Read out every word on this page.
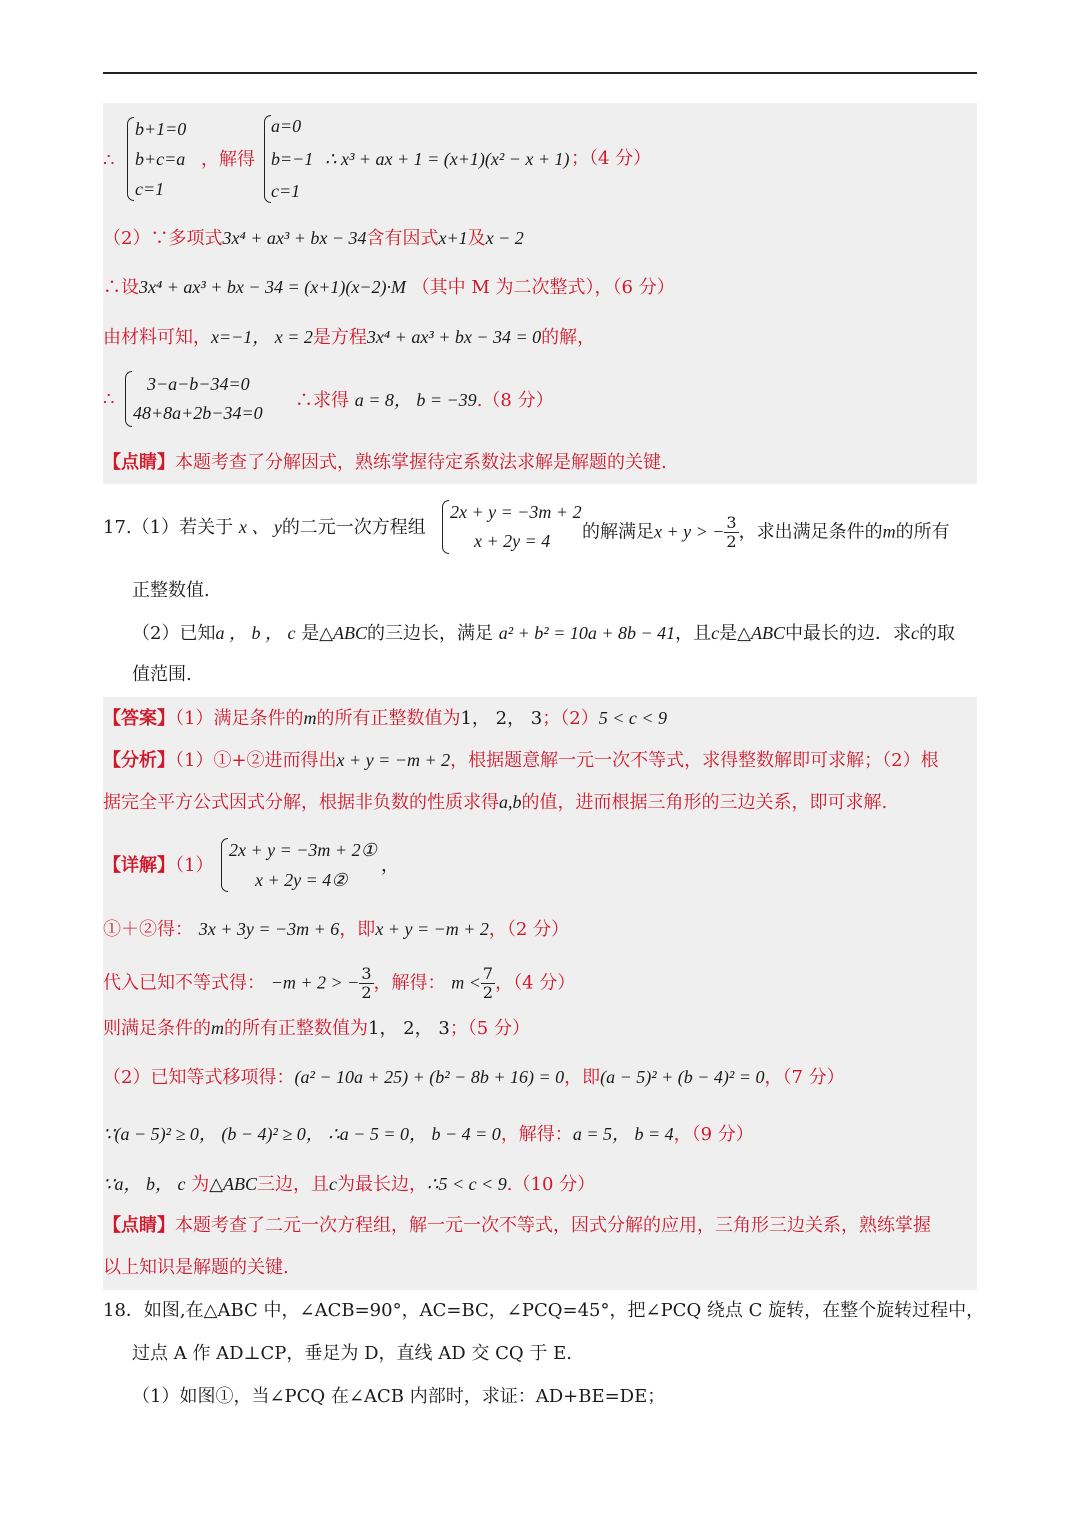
∴
b+1=0
b+c=a
c=1
，解得
a=0
b=−1
c=1
∴ x³ + ax + 1 = (x+1)(x² − x + 1) ；（4 分）
（2）∵多项式3x⁴ + ax³ + bx − 34含有因式x+1及x − 2
∴设3x⁴ + ax³ + bx − 34 = (x+1)(x−2)·M （其中 M 为二次整式），（6 分）
由材料可知，x=−1， x = 2是方程3x⁴ + ax³ + bx − 34 = 0的解，
∴
3−a−b−34=0
48+8a+2b−34=0
∴求得 a = 8， b = −39.（8 分）
【点睛】本题考查了分解因式，熟练掌握待定系数法求解是解题的关键.
17.（1）若关于 x 、 y的二元一次方程组
2x + y = −3m + 2
x + 2y = 4 的解满足x + y > − $\frac{3}{2}$ ，求出满足条件的m的所有
正整数值.
（2）已知a ， b ， c 是△ABC的三边长，满足 a² + b² = 10a + 8b − 41，且c是△ABC中最长的边．求c的取
值范围.
【答案】（1）满足条件的m的所有正整数值为1， 2， 3；（2）5 < c < 9
【分析】（1）①+②进而得出x + y = −m + 2，根据题意解一元一次不等式，求得整数解即可求解；（2）根
据完全平方公式因式分解，根据非负数的性质求得a,b的值，进而根据三角形的三边关系，即可求解.
【详解】（1）
2x + y = −3m + 2①
x + 2y = 4②
，
①＋②得： 3x + 3y = −3m + 6，即x + y = −m + 2，（2 分）
代入已知不等式得： −m + 2 > − $\frac{3}{2}$ ，解得： $m < \frac{7}{2}$ ，（4 分）
则满足条件的m的所有正整数值为1， 2， 3；（5 分）
（2）已知等式移项得：(a² − 10a + 25) + (b² − 8b + 16) = 0，即(a − 5)² + (b − 4)² = 0，（7 分）
∵(a − 5)² ≥ 0， (b − 4)² ≥ 0， ∴a − 5 = 0， b − 4 = 0，解得：a = 5， b = 4，（9 分）
∵a， b， c 为△ABC三边，且c为最长边，∴5 < c < 9.（10 分）
【点睛】本题考查了二元一次方程组，解一元一次不等式，因式分解的应用，三角形三边关系，熟练掌握
以上知识是解题的关键.
18．如图,在△ABC 中，∠ACB=90°，AC=BC，∠PCQ=45°，把∠PCQ 绕点 C 旋转，在整个旋转过程中，
过点 A 作 AD⊥CP，垂足为 D，直线 AD 交 CQ 于 E.
（1）如图①，当∠PCQ 在∠ACB 内部时，求证：AD+BE=DE；
